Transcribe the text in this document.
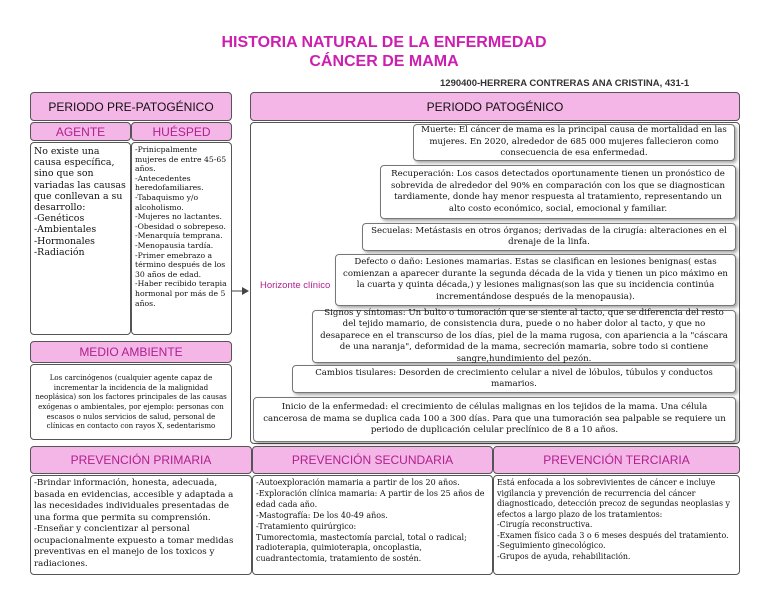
HISTORIA NATURAL DE LA ENFERMEDAD
CÁNCER DE MAMA
1290400-HERRERA CONTRERAS ANA CRISTINA, 431-1
PERIODO PRE-PATOGÉNICO
AGENTE	HUÉSPED
No existe una causa específica, sino que son variadas las causas que conllevan a su desarrollo:
-Genéticos
-Ambientales
-Hormonales
-Radiación
-Prinicpalmente mujeres de entre 45-65 años.
-Antecedentes heredofamiliares.
-Tabaquismo y/o alcoholismo.
-Mujeres no lactantes.
-Obesidad o sobrepeso.
-Menarquía temprana.
-Menopausia tardía.
-Primer emebrazo a término después de los 30 años de edad.
-Haber recibido terapia hormonal por más de 5 años.
MEDIO AMBIENTE
Los carcinógenos (cualquier agente capaz de incrementar la incidencia de la malignidad neoplásica) son los factores principales de las causas exógenas o ambientales, por ejemplo: personas con escasos o nulos servicios de salud, personal de clínicas en contacto con rayos X, sedentarismo
PERIODO PATOGÉNICO
Horizonte clínico
Muerte: El cáncer de mama es la principal causa de mortalidad en las mujeres. En 2020, alrededor de 685 000 mujeres fallecieron como consecuencia de esa enfermedad.
Recuperación: Los casos detectados oportunamente tienen un pronóstico de sobrevida de alrededor del 90% en comparación con los que se diagnostican tardiamente, donde hay menor respuesta al tratamiento, representando un alto costo económico, social, emocional y familiar.
Secuelas: Metástasis en otros órganos; derivadas de la cirugía: alteraciones en el drenaje de la linfa.
Defecto o daño: Lesiones mamarias. Estas se clasifican en lesiones benignas( estas comienzan a aparecer durante la segunda década de la vida y tienen un pico máximo en la cuarta y quinta década,) y lesiones malignas(son las que su incidencia continúa incrementándose después de la menopausia).
Signos y síntomas: Un bulto o tumoración que se siente al tacto, que se diferencia del resto del tejido mamario, de consistencia dura, puede o no haber dolor al tacto, y que no desaparece en el transcurso de los días, piel de la mama rugosa, con apariencia a la "cáscara de una naranja", deformidad de la mama, secreción mamaria, sobre todo si contiene sangre,hundimiento del pezón.
Cambios tisulares: Desorden de crecimiento celular a nivel de lóbulos, túbulos y conductos mamarios.
Inicio de la enfermedad: el crecimiento de células malignas en los tejidos de la mama. Una célula cancerosa de mama se duplica cada 100 a 300 días. Para que una tumoración sea palpable se requiere un periodo de duplicación celular preclínico de 8 a 10 años.
PREVENCIÓN PRIMARIA	PREVENCIÓN SECUNDARIA	PREVENCIÓN TERCIARIA
-Brindar información, honesta, adecuada, basada en evidencias, accesible y adaptada a las necesidades individuales presentadas de una forma que permita su comprensión.
-Enseñar y concientizar al personal ocupacionalmente expuesto a tomar medidas preventivas en el manejo de los toxicos y radiaciones.
-Autoexploración mamaria a partir de los 20 años.
-Exploración clínica mamaria: A partir de los 25 años de edad cada año.
-Mastografía: De los 40-49 años.
-Tratamiento quirúrgico:
Tumorectomia, mastectomía parcial, total o radical; radioterapia, quimioterapia, oncoplastia, cuadrantectomia, tratamiento de sostén.
Está enfocada a los sobrevivientes de cáncer e incluye vigilancia y prevención de recurrencia del cáncer diagnosticado, detección precoz de segundas neoplasias y efectos a largo plazo de los tratamientos:
-Cirugía reconstructiva.
-Examen físico cada 3 o 6 meses después del tratamiento.
-Seguimiento ginecológico.
-Grupos de ayuda, rehabilitación.
